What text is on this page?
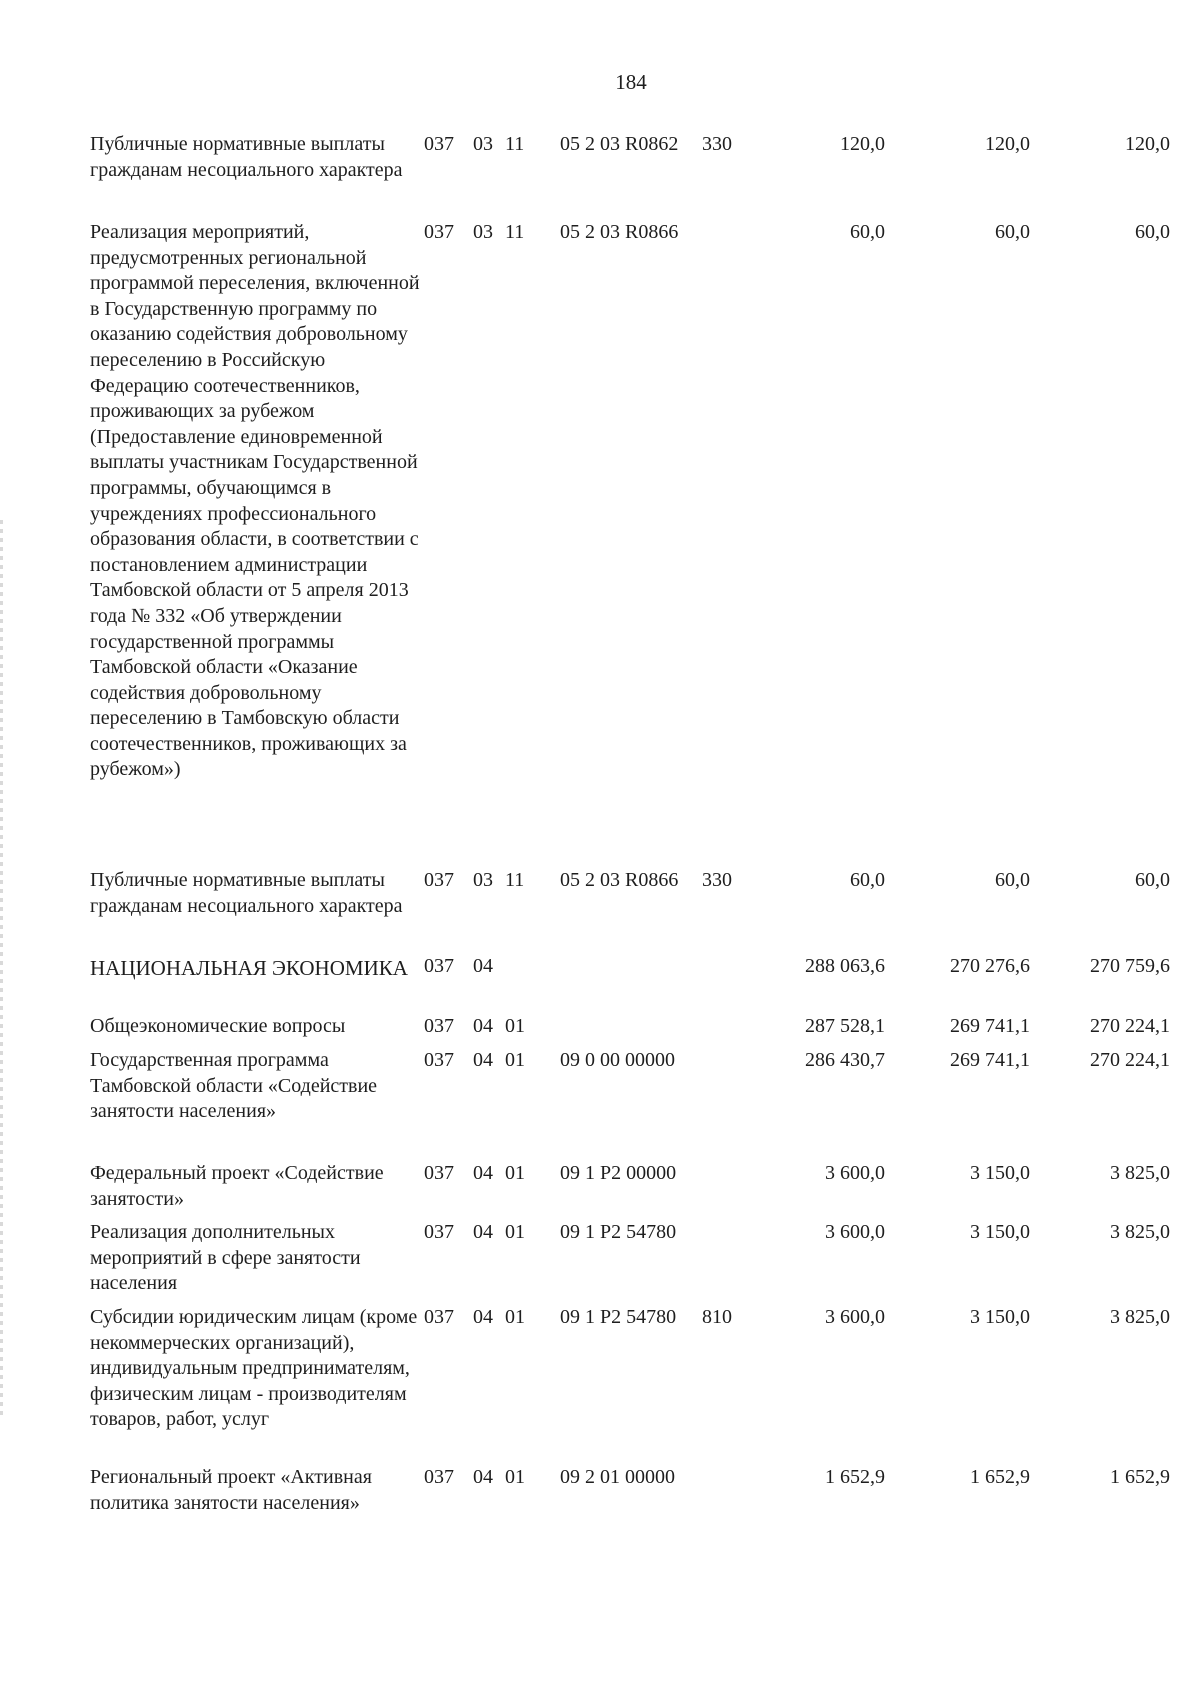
184
Публичные нормативные выплаты гражданам несоциального характера
037 03 11 05 2 03 R0862 330	120,0	120,0	120,0
Реализация мероприятий, предусмотренных региональной программой переселения, включенной в Государственную программу по оказанию содействия добровольному переселению в Российскую Федерацию соотечественников, проживающих за рубежом (Предоставление единовременной выплаты участникам Государственной программы, обучающимся в учреждениях профессионального образования области, в соответствии с постановлением администрации Тамбовской области от 5 апреля 2013 года № 332 «Об утверждении государственной программы Тамбовской области «Оказание содействия добровольному переселению в Тамбовскую области соотечественников, проживающих за рубежом»)
037 03 11 05 2 03 R0866	60,0	60,0	60,0
Публичные нормативные выплаты гражданам несоциального характера
037 03 11 05 2 03 R0866 330	60,0	60,0	60,0
НАЦИОНАЛЬНАЯ ЭКОНОМИКА 037 04	288 063,6	270 276,6	270 759,6
Общеэкономические вопросы	037 04 01	287 528,1	269 741,1	270 224,1
Государственная программа Тамбовской области «Содействие занятости населения»
037 04 01 09 0 00 00000	286 430,7	269 741,1	270 224,1
Федеральный проект «Содействие занятости»
037 04 01 09 1 P2 00000	3 600,0	3 150,0	3 825,0
Реализация дополнительных мероприятий в сфере занятости населения
037 04 01 09 1 P2 54780	3 600,0	3 150,0	3 825,0
Субсидии юридическим лицам (кроме некоммерческих организаций), индивидуальным предпринимателям, физическим лицам - производителям товаров, работ, услуг
037 04 01 09 1 P2 54780 810	3 600,0	3 150,0	3 825,0
Региональный проект «Активная политика занятости населения»
037 04 01 09 2 01 00000	1 652,9	1 652,9	1 652,9
